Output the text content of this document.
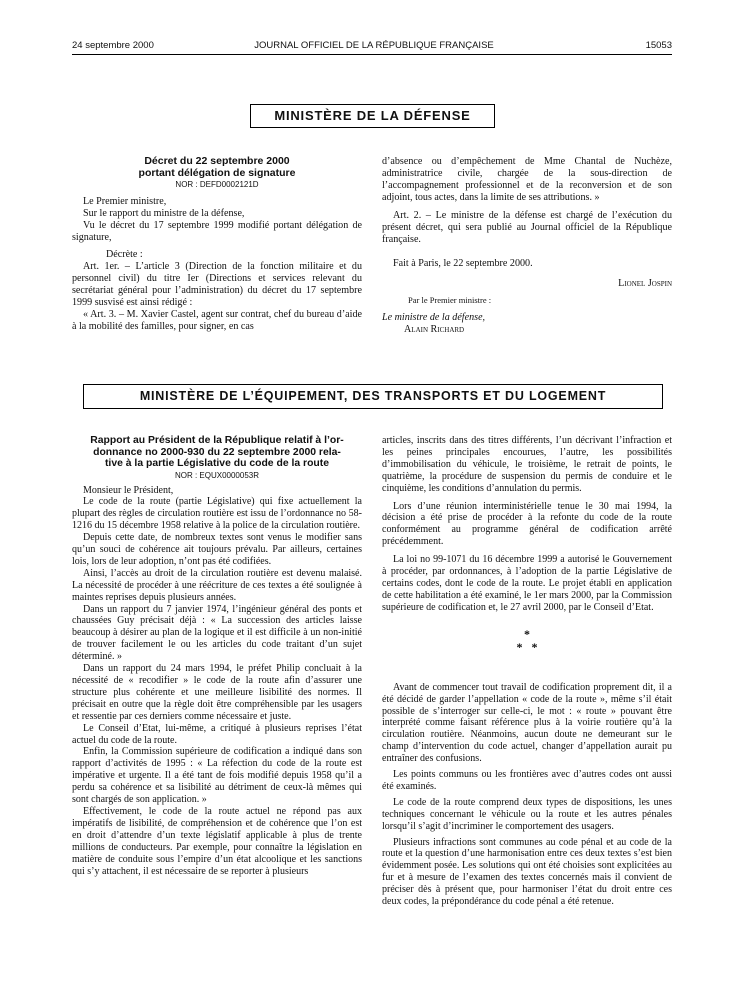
24 septembre 2000	JOURNAL OFFICIEL DE LA RÉPUBLIQUE FRANÇAISE	15053
MINISTÈRE DE LA DÉFENSE
Décret du 22 septembre 2000
portant délégation de signature
NOR : DEFD0002121D

Le Premier ministre,

Sur le rapport du ministre de la défense,

Vu le décret du 17 septembre 1999 modifié portant délégation de signature,

Décrète :

Art. 1er. – L’article 3 (Direction de la fonction militaire et du personnel civil) du titre Ier (Directions et services relevant du secrétariat général pour l’administration) du décret du 17 septembre 1999 susvisé est ainsi rédigé :

« Art. 3. – M. Xavier Castel, agent sur contrat, chef du bureau d’aide à la mobilité des familles, pour signer, en cas

d’absence ou d’empêchement de Mme Chantal de Nuchèze, administratrice civile, chargée de la sous-direction de l’accompagnement professionnel et de la reconversion et de son adjoint, tous actes, dans la limite de ses attributions. »

Art. 2. – Le ministre de la défense est chargé de l’exécution du présent décret, qui sera publié au Journal officiel de la République française.

Fait à Paris, le 22 septembre 2000.

Lionel Jospin

Par le Premier ministre :

Le ministre de la défense,

Alain Richard

MINISTÈRE DE L’ÉQUIPEMENT, DES TRANSPORTS ET DU LOGEMENT
Rapport au Président de la République relatif à l’or-
donnance no 2000-930 du 22 septembre 2000 rela-
tive à la partie Législative du code de la route
NOR : EQUX0000053R

Monsieur le Président,

Le code de la route (partie Législative) qui fixe actuellement la plupart des règles de circulation routière est issu de l’ordonnance no 58-1216 du 15 décembre 1958 relative à la police de la circulation routière.

Depuis cette date, de nombreux textes sont venus le modifier sans qu’un souci de cohérence ait toujours prévalu. Par ailleurs, certaines lois, lors de leur adoption, n’ont pas été codifiées.

Ainsi, l’accès au droit de la circulation routière est devenu malaisé. La nécessité de procéder à une réécriture de ces textes a été soulignée à maintes reprises depuis plusieurs années.

Dans un rapport du 7 janvier 1974, l’ingénieur général des ponts et chaussées Guy précisait déjà : « La succession des articles laisse beaucoup à désirer au plan de la logique et il est difficile à un non-initié de trouver facilement le ou les articles du code traitant d’un sujet déterminé. »

Dans un rapport du 24 mars 1994, le préfet Philip concluait à la nécessité de « recodifier » le code de la route afin d’assurer une structure plus cohérente et une meilleure lisibilité des normes. Il précisait en outre que la règle doit être compréhensible par les usagers et ressentie par ces derniers comme nécessaire et juste.

Le Conseil d’Etat, lui-même, a critiqué à plusieurs reprises l’état actuel du code de la route.

Enfin, la Commission supérieure de codification a indiqué dans son rapport d’activités de 1995 : « La réfection du code de la route est impérative et urgente. Il a été tant de fois modifié depuis 1958 qu’il a perdu sa cohérence et sa lisibilité au détriment de ceux-là mêmes qui sont chargés de son application. »

Effectivement, le code de la route actuel ne répond pas aux impératifs de lisibilité, de compréhension et de cohérence que l’on est en droit d’attendre d’un texte législatif applicable à plus de trente millions de conducteurs. Par exemple, pour connaître la législation en matière de conduite sous l’empire d’un état alcoolique et les sanctions qui s’y attachent, il est nécessaire de se reporter à plusieurs

articles, inscrits dans des titres différents, l’un décrivant l’infraction et les peines principales encourues, l’autre, les possibilités d’immobilisation du véhicule, le troisième, le retrait de points, le quatrième, la procédure de suspension du permis de conduire et le cinquième, les conditions d’annulation du permis.

Lors d’une réunion interministérielle tenue le 30 mai 1994, la décision a été prise de procéder à la refonte du code de la route conformément au programme général de codification arrêté précédemment.

La loi no 99-1071 du 16 décembre 1999 a autorisé le Gouvernement à procéder, par ordonnances, à l’adoption de la partie Législative de certains codes, dont le code de la route. Le projet établi en application de cette habilitation a été examiné, le 1er mars 2000, par la Commission supérieure de codification et, le 27 avril 2000, par le Conseil d’Etat.

*
* *

Avant de commencer tout travail de codification proprement dit, il a été décidé de garder l’appellation « code de la route », même s’il était possible de s’interroger sur celle-ci, le mot : « route » pouvant être interprété comme faisant référence plus à la voirie routière qu’à la circulation routière. Néanmoins, aucun doute ne demeurant sur le champ d’intervention du code actuel, changer d’appellation aurait pu entraîner des confusions.

Les points communs ou les frontières avec d’autres codes ont aussi été examinés.

Le code de la route comprend deux types de dispositions, les unes techniques concernant le véhicule ou la route et les autres pénales lorsqu’il s’agit d’incriminer le comportement des usagers.

Plusieurs infractions sont communes au code pénal et au code de la route et la question d’une harmonisation entre ces deux textes s’est bien évidemment posée. Les solutions qui ont été choisies sont explicitées au fur et à mesure de l’examen des textes concernés mais il convient de préciser dès à présent que, pour harmoniser l’état du droit entre ces deux codes, la prépondérance du code pénal a été retenue.
